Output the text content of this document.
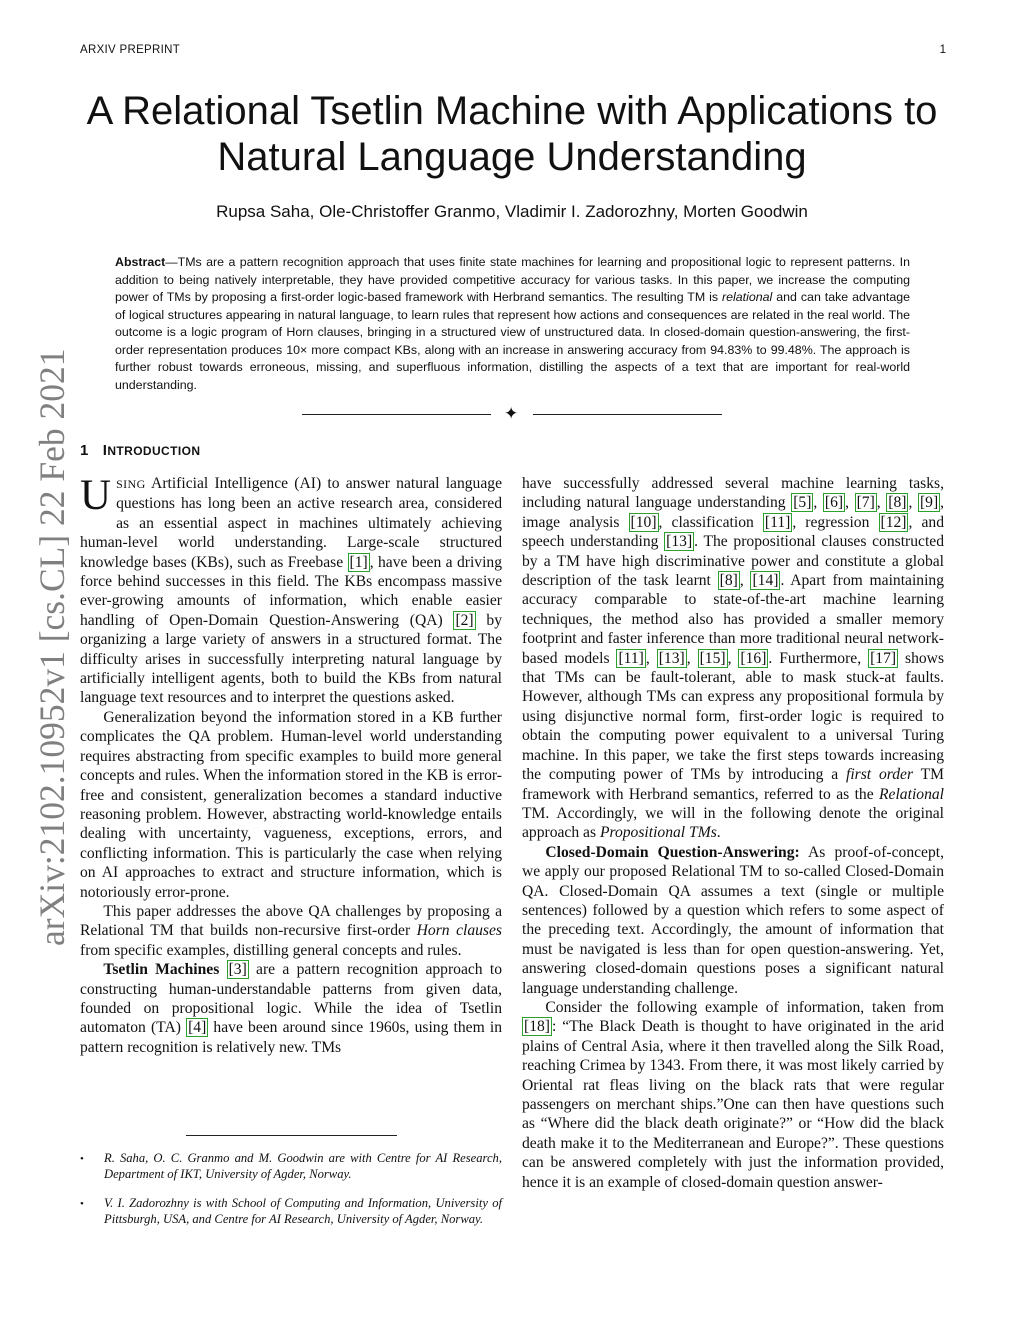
ARXIV PREPRINT	1
A Relational Tsetlin Machine with Applications to
Natural Language Understanding
Rupsa Saha, Ole-Christoffer Granmo, Vladimir I. Zadorozhny, Morten Goodwin

Abstract—TMs are a pattern recognition approach that uses finite state machines for learning and propositional logic to represent patterns. In addition to being natively interpretable, they have provided competitive accuracy for various tasks. In this paper, we increase the computing power of TMs by proposing a first-order logic-based framework with Herbrand semantics. The resulting TM is relational and can take advantage of logical structures appearing in natural language, to learn rules that represent how actions and consequences are related in the real world. The outcome is a logic program of Horn clauses, bringing in a structured view of unstructured data. In closed-domain question-answering, the first-order representation produces 10× more compact KBs, along with an increase in answering accuracy from 94.83% to 99.48%. The approach is further robust towards erroneous, missing, and superfluous information, distilling the aspects of a text that are important for real-world understanding.

✦
arXiv:2102.10952v1 [cs.CL] 22 Feb 2021 1 INTRODUCTION

USING Artificial Intelligence (AI) to answer natural language questions has long been an active research area, considered as an essential aspect in machines ultimately achieving human-level world understanding. Large-scale structured knowledge bases (KBs), such as Freebase [1] , have been a driving force behind successes in this field. The KBs encompass massive ever-growing amounts of information, which enable easier handling of Open-Domain Question-Answering (QA) [2] by organizing a large variety of answers in a structured format. The difficulty arises in successfully interpreting natural language by artificially intelligent agents, both to build the KBs from natural language text resources and to interpret the questions asked.

Generalization beyond the information stored in a KB further complicates the QA problem. Human-level world understanding requires abstracting from specific examples to build more general concepts and rules. When the information stored in the KB is error-free and consistent, generalization becomes a standard inductive reasoning problem. However, abstracting world-knowledge entails dealing with uncertainty, vagueness, exceptions, errors, and conflicting information. This is particularly the case when relying on AI approaches to extract and structure information, which is notoriously error-prone.

This paper addresses the above QA challenges by proposing a Relational TM that builds non-recursive first-order Horn clauses from specific examples, distilling general concepts and rules.

Tsetlin Machines [3] are a pattern recognition approach to constructing human-understandable patterns from given data, founded on propositional logic. While the idea of Tsetlin automaton (TA) [4] have been around since 1960s, using them in pattern recognition is relatively new. TMs

have successfully addressed several machine learning tasks, including natural language understanding [5] , [6] , [7] , [8] , [9] , image analysis [10] , classification [11] , regression [12] , and speech understanding [13] . The propositional clauses constructed by a TM have high discriminative power and constitute a global description of the task learnt [8] , [14] . Apart from maintaining accuracy comparable to state-of-the-art machine learning techniques, the method also has provided a smaller memory footprint and faster inference than more traditional neural network-based models [11] , [13] , [15] , [16] . Furthermore, [17] shows that TMs can be fault-tolerant, able to mask stuck-at faults. However, although TMs can express any propositional formula by using disjunctive normal form, first-order logic is required to obtain the computing power equivalent to a universal Turing machine. In this paper, we take the first steps towards increasing the computing power of TMs by introducing a first order TM framework with Herbrand semantics, referred to as the Relational TM. Accordingly, we will in the following denote the original approach as Propositional TMs.

Closed-Domain Question-Answering: As proof-of-concept, we apply our proposed Relational TM to so-called Closed-Domain QA. Closed-Domain QA assumes a text (single or multiple sentences) followed by a question which refers to some aspect of the preceding text. Accordingly, the amount of information that must be navigated is less than for open question-answering. Yet, answering closed-domain questions poses a significant natural language understanding challenge.

Consider the following example of information, taken from [18] : “The Black Death is thought to have originated in the arid plains of Central Asia, where it then travelled along the Silk Road, reaching Crimea by 1343. From there, it was most likely carried by Oriental rat fleas living on the black rats that were regular passengers on merchant ships.”One can then have questions such as “Where did the black death originate?” or “How did the black death make it to the Mediterranean and Europe?”. These questions can be answered completely with just the information provided, hence it is an example of closed-domain question answer-

• R. Saha, O. C. Granmo and M. Goodwin are with Centre for AI Research, Department of IKT, University of Agder, Norway.
• V. I. Zadorozhny is with School of Computing and Information, University of Pittsburgh, USA, and Centre for AI Research, University of Agder, Norway.
